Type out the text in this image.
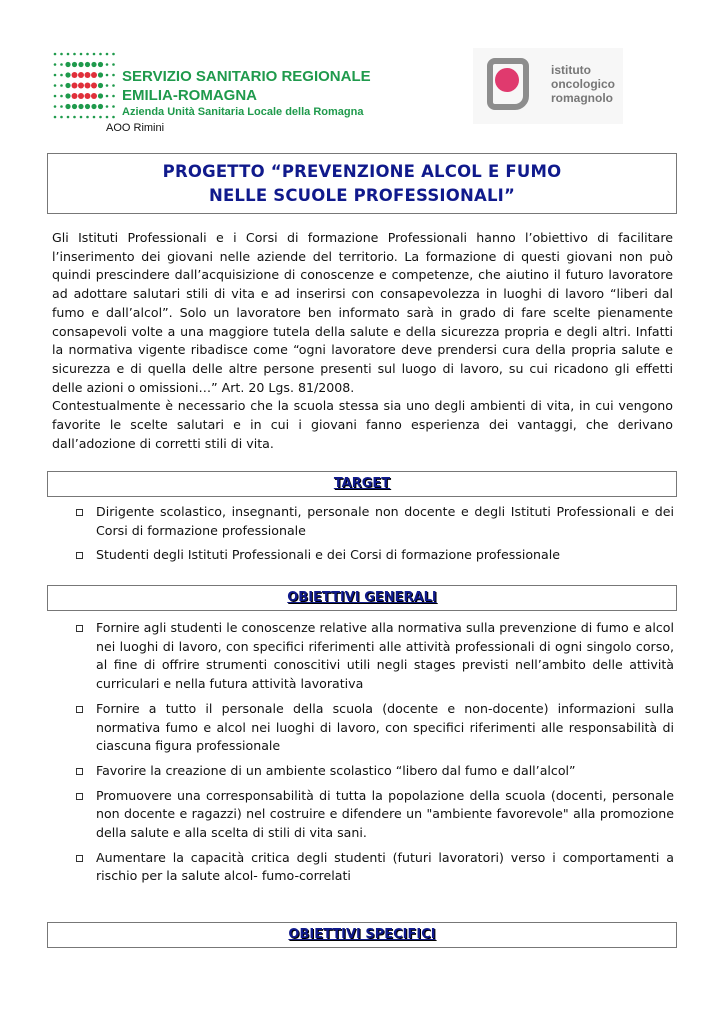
SERVIZIO SANITARIO REGIONALE
EMILIA-ROMAGNA
Azienda Unità Sanitaria Locale della Romagna
AOO Rimini
istituto
oncologico
romagnolo
PROGETTO “PREVENZIONE ALCOL E FUMO
NELLE SCUOLE PROFESSIONALI”

Gli Istituti Professionali e i Corsi di formazione Professionali hanno l’obiettivo di facilitare l’inserimento dei giovani nelle aziende del territorio. La formazione di questi giovani non può quindi prescindere dall’acquisizione di conoscenze e competenze, che aiutino il futuro lavoratore ad adottare salutari stili di vita e ad inserirsi con consapevolezza in luoghi di lavoro “liberi dal fumo e dall’alcol”. Solo un lavoratore ben informato sarà in grado di fare scelte pienamente consapevoli volte a una maggiore tutela della salute e della sicurezza propria e degli altri. Infatti la normativa vigente ribadisce come “ogni lavoratore deve prendersi cura della propria salute e sicurezza e di quella delle altre persone presenti sul luogo di lavoro, su cui ricadono gli effetti delle azioni o omissioni…” Art. 20 Lgs. 81/2008.

Contestualmente è necessario che la scuola stessa sia uno degli ambienti di vita, in cui vengono favorite le scelte salutari e in cui i giovani fanno esperienza dei vantaggi, che derivano dall’adozione di corretti stili di vita.

TARGET
Dirigente scolastico, insegnanti, personale non docente e degli Istituti Professionali e dei Corsi di formazione professionale
Studenti degli Istituti Professionali e dei Corsi di formazione professionale
OBIETTIVI GENERALI
Fornire agli studenti le conoscenze relative alla normativa sulla prevenzione di fumo e alcol nei luoghi di lavoro, con specifici riferimenti alle attività professionali di ogni singolo corso, al fine di offrire strumenti conoscitivi utili negli stages previsti nell’ambito delle attività curriculari e nella futura attività lavorativa
Fornire a tutto il personale della scuola (docente e non-docente) informazioni sulla normativa fumo e alcol nei luoghi di lavoro, con specifici riferimenti alle responsabilità di ciascuna figura professionale
Favorire la creazione di un ambiente scolastico “libero dal fumo e dall’alcol”
Promuovere una corresponsabilità di tutta la popolazione della scuola (docenti, personale non docente e ragazzi) nel costruire e difendere un "ambiente favorevole" alla promozione della salute e alla scelta di stili di vita sani.
Aumentare la capacità critica degli studenti (futuri lavoratori) verso i comportamenti a rischio per la salute alcol- fumo-correlati
OBIETTIVI SPECIFICI
